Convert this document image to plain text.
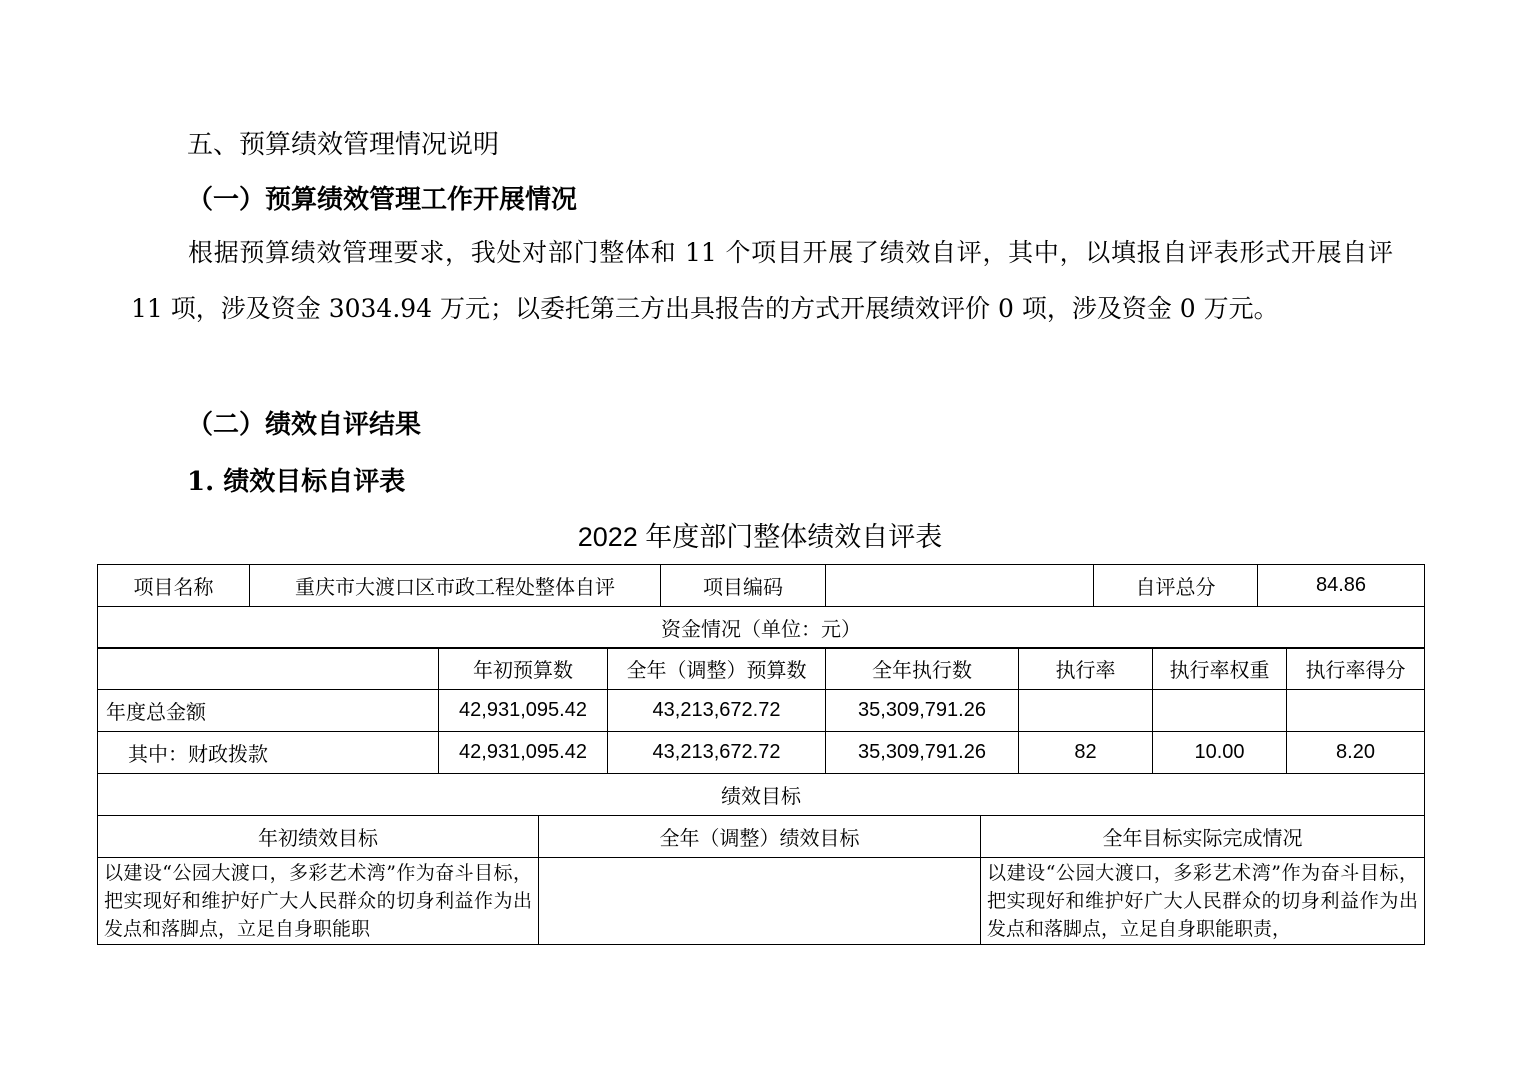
五、预算绩效管理情况说明
（一）预算绩效管理工作开展情况
根据预算绩效管理要求，我处对部门整体和 11 个项目开展了绩效自评，其中，以填报自评表形式开展自评 11 项，涉及资金 3034.94 万元；以委托第三方出具报告的方式开展绩效评价 0 项，涉及资金 0 万元。
（二）绩效自评结果
1. 绩效目标自评表
2022 年度部门整体绩效自评表
项目名称	重庆市大渡口区市政工程处整体自评	项目编码		自评总分	84.86
资金情况（单位：元）
	年初预算数	全年（调整）预算数	全年执行数	执行率	执行率权重	执行率得分
年度总金额	42,931,095.42	43,213,672.72	35,309,791.26			
其中：财政拨款	42,931,095.42	43,213,672.72	35,309,791.26	82	10.00	8.20
绩效目标						
年初绩效目标	全年（调整）绩效目标	全年目标实际完成情况
以建设“公园大渡口，多彩艺术湾”作为奋斗目标，把实现好和维护好广大人民群众的切身利益作为出发点和落脚点，立足自身职能职		以建设“公园大渡口，多彩艺术湾”作为奋斗目标，把实现好和维护好广大人民群众的切身利益作为出发点和落脚点，立足自身职能职责，
